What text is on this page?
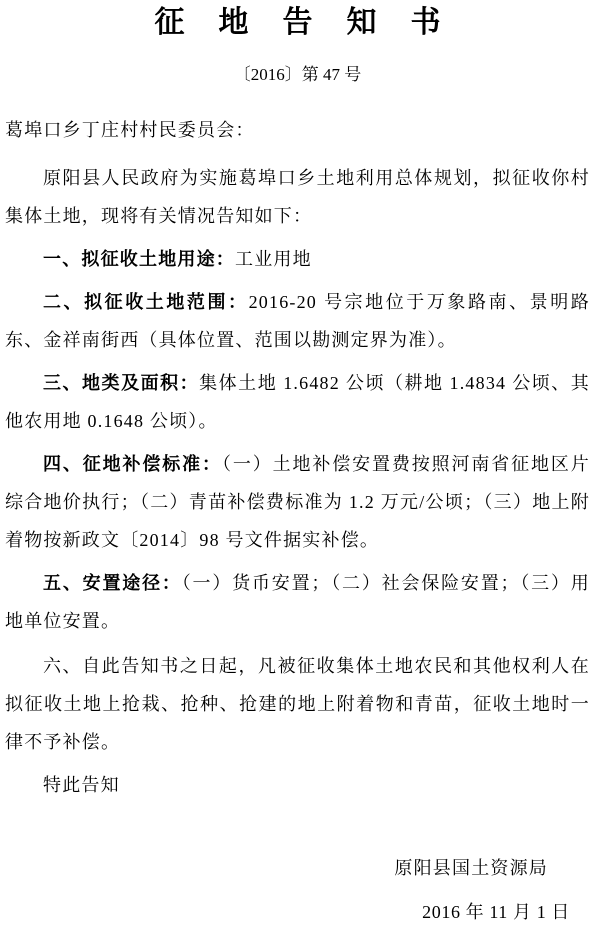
征地告知书
〔2016〕第 47 号

葛埠口乡丁庄村村民委员会：

原阳县人民政府为实施葛埠口乡土地利用总体规划，拟征收你村集体土地，现将有关情况告知如下：

一、拟征收土地用途：工业用地

二、拟征收土地范围：2016-20 号宗地位于万象路南、景明路东、金祥南街西（具体位置、范围以勘测定界为准）。

三、地类及面积：集体土地 1.6482 公顷（耕地 1.4834 公顷、其他农用地 0.1648 公顷）。

四、征地补偿标准：（一）土地补偿安置费按照河南省征地区片综合地价执行；（二）青苗补偿费标准为 1.2 万元/公顷；（三）地上附着物按新政文〔2014〕98 号文件据实补偿。

五、安置途径：（一）货币安置；（二）社会保险安置；（三）用地单位安置。

六、自此告知书之日起，凡被征收集体土地农民和其他权利人在拟征收土地上抢栽、抢种、抢建的地上附着物和青苗，征收土地时一律不予补偿。

特此告知

原阳县国土资源局
2016 年 11 月 1 日
